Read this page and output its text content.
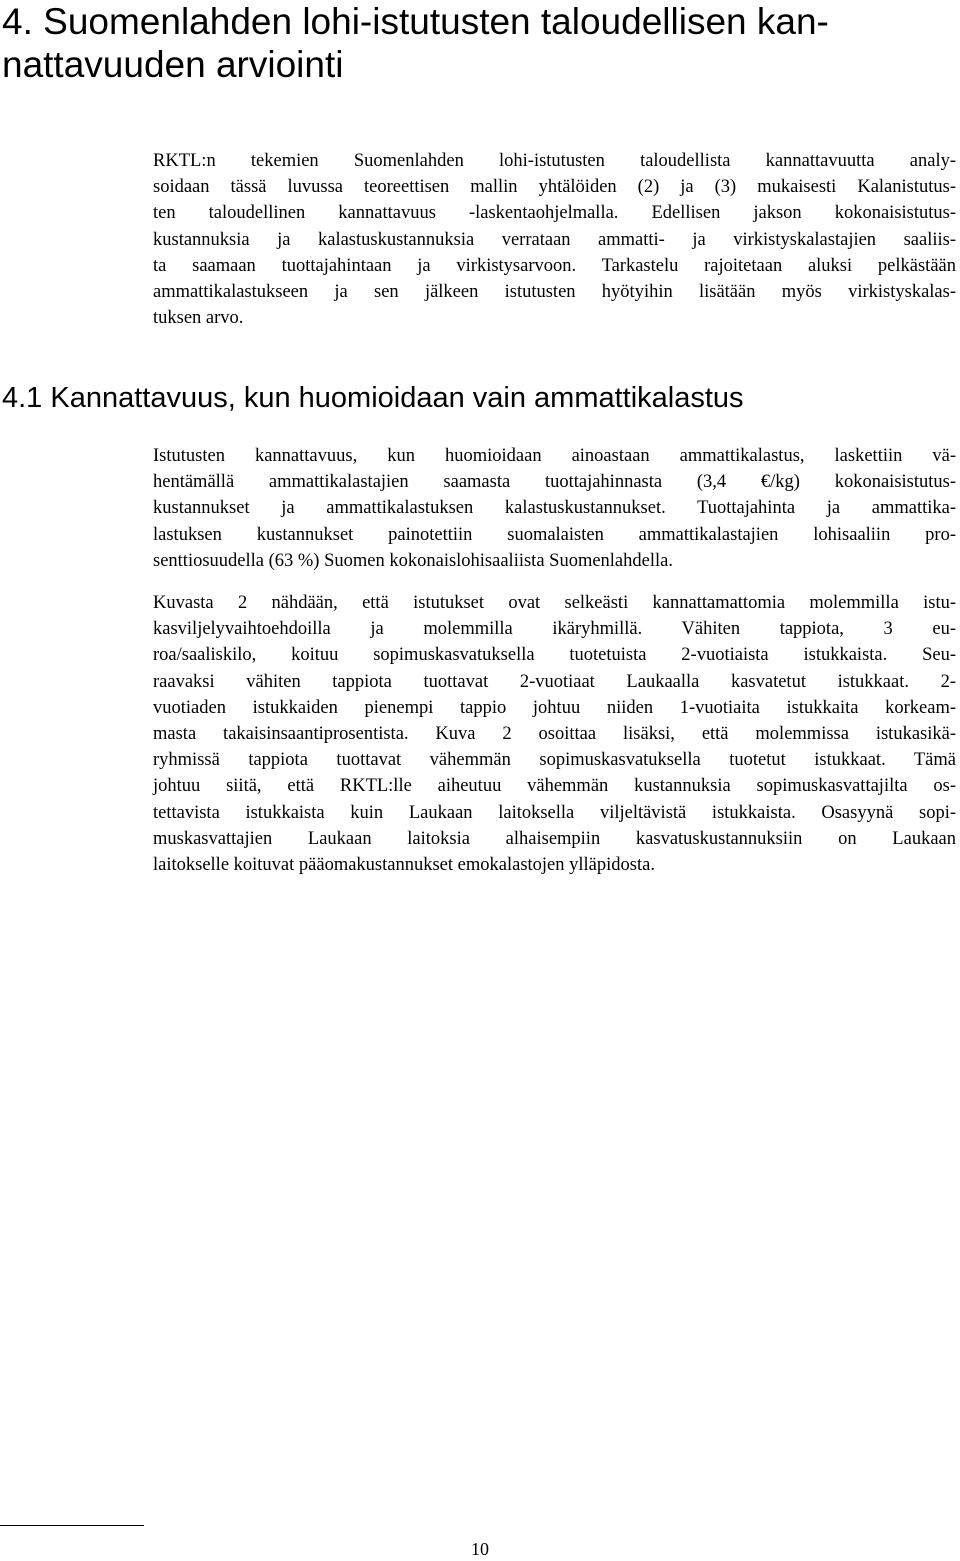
4. Suomenlahden lohi-istutusten taloudellisen kan-
nattavuuden arviointi
RKTL:n tekemien Suomenlahden lohi-istutusten taloudellista kannattavuutta analy-
soidaan tässä luvussa teoreettisen mallin yhtälöiden (2) ja (3) mukaisesti Kalanistutus-
ten taloudellinen kannattavuus -laskentaohjelmalla. Edellisen jakson kokonaisistutus-
kustannuksia ja kalastuskustannuksia verrataan ammatti- ja virkistyskalastajien saaliis-
ta saamaan tuottajahintaan ja virkistysarvoon. Tarkastelu rajoitetaan aluksi pelkästään
ammattikalastukseen ja sen jälkeen istutusten hyötyihin lisätään myös virkistyskalas-
tuksen arvo.
4.1 Kannattavuus, kun huomioidaan vain ammattikalastus
Istutusten kannattavuus, kun huomioidaan ainoastaan ammattikalastus, laskettiin vä-
hentämällä ammattikalastajien saamasta tuottajahinnasta (3,4 €/kg) kokonaisistutus-
kustannukset ja ammattikalastuksen kalastuskustannukset. Tuottajahinta ja ammattika-
lastuksen kustannukset painotettiin suomalaisten ammattikalastajien lohisaaliin pro-
senttiosuudella (63 %) Suomen kokonaislohisaaliista Suomenlahdella.
Kuvasta 2 nähdään, että istutukset ovat selkeästi kannattamattomia molemmilla istu-
kasviljelyvaihtoehdoilla ja molemmilla ikäryhmillä. Vähiten tappiota, 3 eu-
roa/saaliskilo, koituu sopimuskasvatuksella tuotetuista 2-vuotiaista istukkaista. Seu-
raavaksi vähiten tappiota tuottavat 2-vuotiaat Laukaalla kasvatetut istukkaat. 2-
vuotiaden istukkaiden pienempi tappio johtuu niiden 1-vuotiaita istukkaita korkeam-
masta takaisinsaantiprosentista. Kuva 2 osoittaa lisäksi, että molemmissa istukasikä-
ryhmissä tappiota tuottavat vähemmän sopimuskasvatuksella tuotetut istukkaat. Tämä
johtuu siitä, että RKTL:lle aiheutuu vähemmän kustannuksia sopimuskasvattajilta os-
tettavista istukkaista kuin Laukaan laitoksella viljeltävistä istukkaista. Osasyynä sopi-
muskasvattajien Laukaan laitoksia alhaisempiin kasvatuskustannuksiin on Laukaan
laitokselle koituvat pääomakustannukset emokalastojen ylläpidosta.
10
